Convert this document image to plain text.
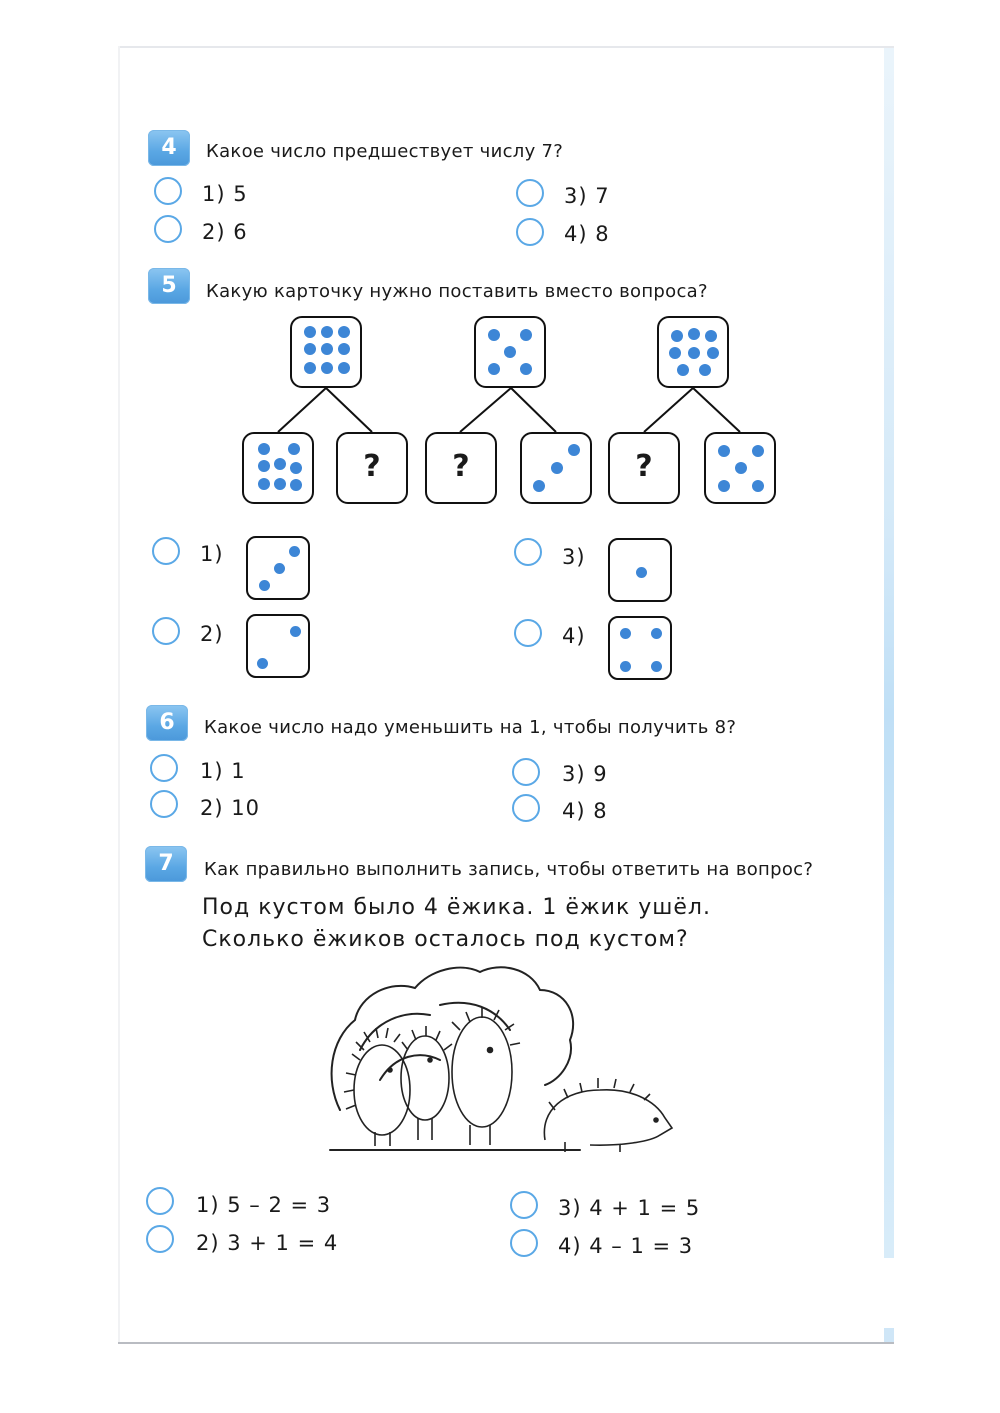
4	Какое число предшествует числу 7?
1) 5
2) 6
3) 7
4) 8
5	Какую карточку нужно поставить вместо вопроса?
?	?	?
1)
2)
3)
4)
6	Какое число надо уменьшить на 1, чтобы получить 8?
1) 1
2) 10
3) 9
4) 8
7	Как правильно выполнить запись, чтобы ответить на вопрос?
Под кустом было 4 ёжика. 1 ёжик ушёл.
Сколько ёжиков осталось под кустом?
1) 5 – 2 = 3
2) 3 + 1 = 4
3) 4 + 1 = 5
4) 4 – 1 = 3
